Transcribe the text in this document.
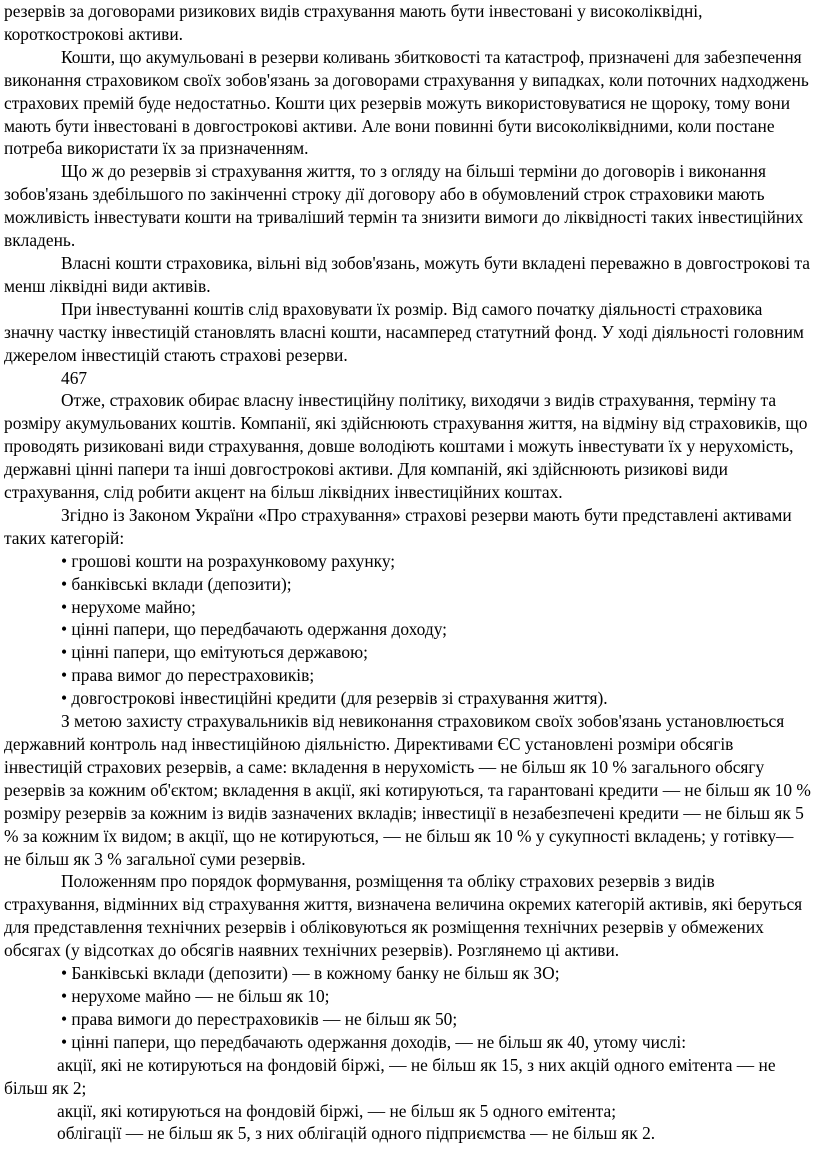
резервів за договорами ризикових видів страхування мають бути інвестовані у високоліквідні, короткострокові активи.

Кошти, що акумульовані в резерви коливань збитковості та катастроф, призначені для забезпечення виконання страховиком своїх зобов'язань за договорами страхування у випадках, коли поточних надходжень страхових премій буде недостатньо. Кошти цих резервів можуть використовуватися не щороку, тому вони мають бути інвестовані в довгострокові активи. Але вони повинні бути високоліквідними, коли постане потреба використати їх за призначенням.

Що ж до резервів зі страхування життя, то з огляду на більші терміни до договорів і виконання зобов'язань здебільшого по закінченні строку дії договору або в обумовлений строк страховики мають можливість інвестувати кошти на триваліший термін та знизити вимоги до ліквідності таких інвестиційних вкладень.

Власні кошти страховика, вільні від зобов'язань, можуть бути вкладені переважно в довгострокові та менш ліквідні види активів.

При інвестуванні коштів слід враховувати їх розмір. Від самого початку діяльності страховика значну частку інвестицій становлять власні кошти, насамперед статутний фонд. У ході діяльності головним джерелом інвестицій стають страхові резерви.

467

Отже, страховик обирає власну інвестиційну політику, виходячи з видів страхування, терміну та розміру акумульованих коштів. Компанії, які здійснюють страхування життя, на відміну від страховиків, що проводять ризиковані види страхування, довше володіють коштами і можуть інвестувати їх у нерухомість, державні цінні папери та інші довгострокові активи. Для компаній, які здійснюють ризикові види страхування, слід робити акцент на більш ліквідних інвестиційних коштах.

Згідно із Законом України «Про страхування» страхові резерви мають бути представлені активами таких категорій:

• грошові кошти на розрахунковому рахунку;

• банківські вклади (депозити);

• нерухоме майно;

• цінні папери, що передбачають одержання доходу;

• цінні папери, що емітуються державою;

• права вимог до перестраховиків;

• довгострокові інвестиційні кредити (для резервів зі страхування життя).

З метою захисту страхувальників від невиконання страховиком своїх зобов'язань установлюється державний контроль над інвестиційною діяльністю. Директивами ЄС установлені розміри обсягів інвестицій страхових резервів, а саме: вкладення в нерухомість — не більш як 10 % загального обсягу резервів за кожним об'єктом; вкладення в акції, які котируються, та гарантовані кредити — не більш як 10 % розміру резервів за кожним із видів зазначених вкладів; інвестиції в незабезпечені кредити — не більш як 5 % за кожним їх видом; в акції, що не котируються, — не більш як 10 % у сукупності вкладень; у готівку— не більш як 3 % загальної суми резервів.

Положенням про порядок формування, розміщення та обліку страхових резервів з видів страхування, відмінних від страхування життя, визначена величина окремих категорій активів, які беруться для представлення технічних резервів і обліковуються як розміщення технічних резервів у обмежених обсягах (у відсотках до обсягів наявних технічних резервів). Розглянемо ці активи.

• Банківські вклади (депозити) — в кожному банку не більш як ЗО;

• нерухоме майно — не більш як 10;

• права вимоги до перестраховиків — не більш як 50;

• цінні папери, що передбачають одержання доходів, — не більш як 40, утому числі:

акції, які не котируються на фондовій біржі, — не більш як 15, з них акцій одного емітента — не більш як 2;

акції, які котируються на фондовій біржі, — не більш як 5 одного емітента;

облігації — не більш як 5, з них облігацій одного підприємства — не більш як 2.
